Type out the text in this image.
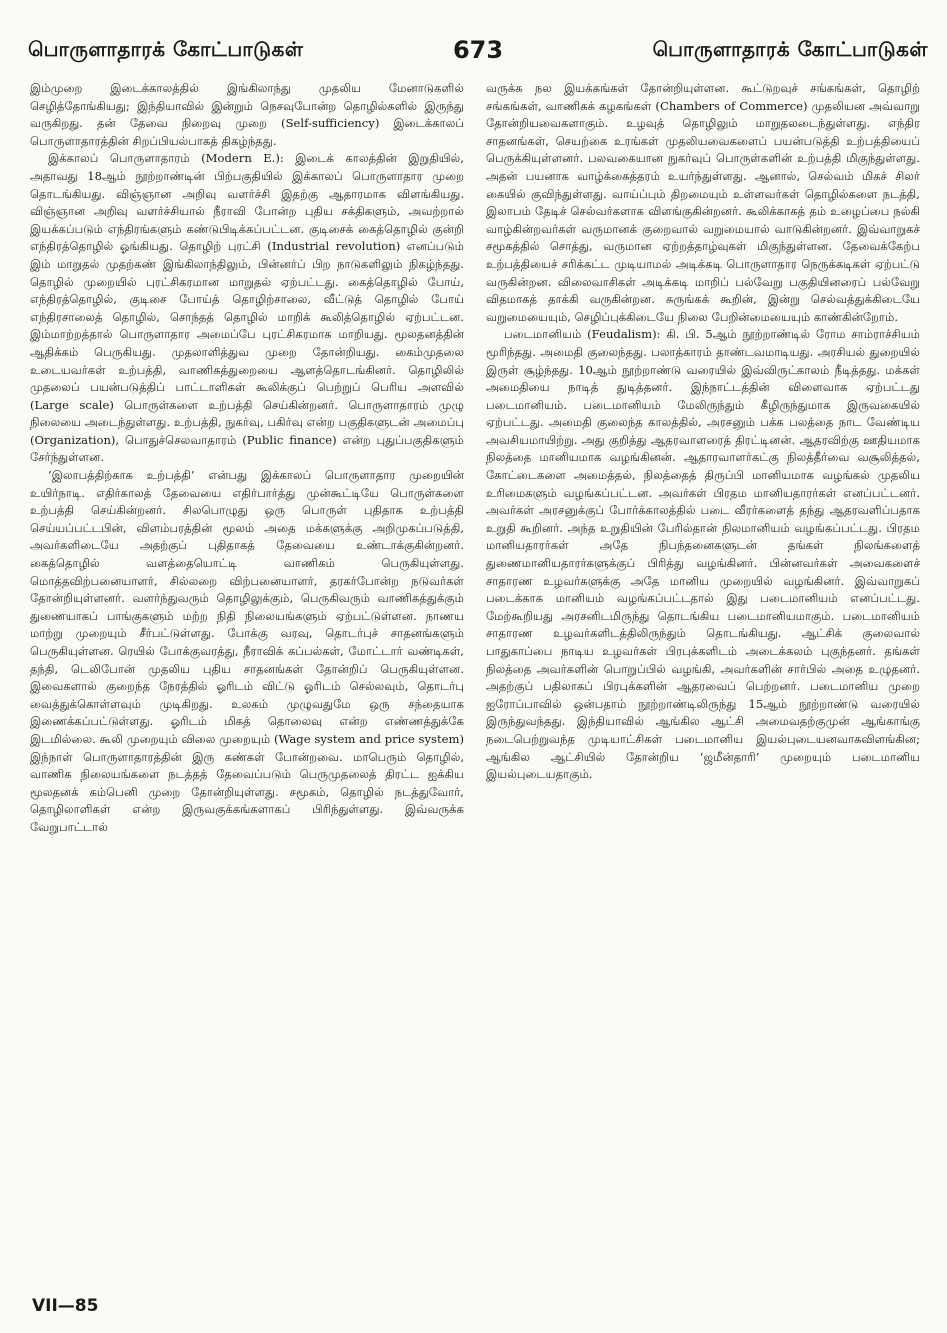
பொருளாதாரக் கோட்பாடுகள்	673	பொருளாதாரக் கோட்பாடுகள்

இம்முறை இடைக்காலத்தில் இங்கிலாந்து முதலிய மேனாடுகளில் செழித்தோங்கியது; இந்தியாவில் இன்றும் நெசவுபோன்ற தொழில்களில் இருந்து வருகிறது. தன் தேவை நிறைவு முறை (Self-sufficiency) இடைக்காலப் பொருளாதாரத்தின் சிறப்பியல்பாகத் திகழ்ந்தது.

இக்காலப் பொருளாதாரம் (Modern E.): இடைக் காலத்தின் இறுதியில், அதாவது 18ஆம் நூற்றாண்டின் பிற்பகுதியில் இக்காலப் பொருளாதார முறை தொடங்கியது. விஞ்ஞான அறிவு வளர்ச்சி இதற்கு ஆதாரமாக விளங்கியது. விஞ்ஞான அறிவு வளர்ச்சியால் நீராவி போன்ற புதிய சக்திகளும், அவற்றால் இயக்கப்படும் எந்திரங்களும் கண்டுபிடிக்கப்பட்டன. குடிசைக் கைத்தொழில் குன்றி எந்திரத்தொழில் ஓங்கியது. தொழிற் புரட்சி (Industrial revolution) எனப்படும் இம் மாறுதல் முதற்கண் இங்கிலாந்திலும், பின்னர்ப் பிற நாடுகளிலும் நிகழ்ந்தது. தொழில் முறையில் புரட்சிகரமான மாறுதல் ஏற்பட்டது. கைத்தொழில் போய், எந்திரத்தொழில், குடிசை போய்த் தொழிற்சாலை, வீட்டுத் தொழில் போய் எந்திரசாலைத் தொழில், சொந்தத் தொழில் மாறிக் கூலித்தொழில் ஏற்பட்டன. இம்மாற்றத்தால் பொருளாதார அமைப்பே புரட்சிகரமாக மாறியது. மூலதனத்தின் ஆதிக்கம் பெருகியது. முதலாளித்துவ முறை தோன்றியது. கைம்முதலை உடையவர்கள் உற்பத்தி, வாணிகத்துறையை ஆளத்தொடங்கினர். தொழிலில் முதலைப் பயன்படுத்திப் பாட்டாளிகள் கூலிக்குப் பெற்றுப் பெரிய அளவில் (Large scale) பொருள்களை உற்பத்தி செய்கின்றனர். பொருளாதாரம் முழு நிலையை அடைந்துள்ளது. உற்பத்தி, நுகர்வு, பகிர்வு என்ற பகுதிகளுடன் அமைப்பு (Organization), பொதுச்செலவாதாரம் (Public finance) என்ற புதுப்பகுதிகளும் சேர்ந்துள்ளன.

‘இலாபத்திற்காக உற்பத்தி’ என்பது இக்காலப் பொருளாதார முறையின் உயிர்நாடி. எதிர்காலத் தேவையை எதிர்பார்த்து முன்கூட்டியே பொருள்களை உற்பத்தி செய்கின்றனர். சிலபொழுது ஒரு பொருள் புதிதாக உற்பத்தி செய்யப்பட்டபின், விளம்பரத்தின் மூலம் அதை மக்களுக்கு அறிமுகப்படுத்தி, அவர்களிடையே அதற்குப் புதிதாகத் தேவையை உண்டாக்குகின்றனர். கைத்தொழில் வளத்தையொட்டி வாணிகம் பெருகியுள்ளது. மொத்தவிற்பனையாளர், சில்லறை விற்பனையாளர், தரகர்போன்ற நடுவர்கள் தோன்றியுள்ளனர். வளர்ந்துவரும் தொழிலுக்கும், பெருகிவரும் வாணிகத்துக்கும் துணையாகப் பாங்குகளும் மற்ற நிதி நிலையங்களும் ஏற்பட்டுள்ளன. நாணய மாற்று முறையும் சீர்பட்டுள்ளது. போக்கு வரவு, தொடர்புச் சாதனங்களும் பெருகியுள்ளன. ரெயில் போக்குவரத்து, நீராவிக் கப்பல்கள், மோட்டார் வண்டிகள், தந்தி, டெலிபோன் முதலிய புதிய சாதனங்கள் தோன்றிப் பெருகியுள்ளன. இவைகளால் குறைந்த நேரத்தில் ஓரிடம் விட்டு ஓரிடம் செல்லவும், தொடர்பு வைத்துக்கொள்ளவும் முடிகிறது. உலகம் முழுவதுமே ஒரு சந்தையாக இணைக்கப்பட்டுள்ளது. ஓரிடம் மிகத் தொலைவு என்ற எண்ணத்துக்கே இடமில்லை. கூலி முறையும் விலை முறையும் (Wage system and price system) இந்நாள் பொருளாதாரத்தின் இரு கண்கள் போன்றவை. மாபெரும் தொழில், வாணிக நிலையங்களை நடத்தத் தேவைப்படும் பெருமுதலைத் திரட்ட ஐக்கிய மூலதனக் கம்பெனி முறை தோன்றியுள்ளது. சமூகம், தொழில் நடத்துவோர், தொழிலாளிகள் என்ற இருவகுக்கங்களாகப் பிரிந்துள்ளது. இவ்வருக்க வேறுபாட்டால்

வருக்க நல இயக்கங்கள் தோன்றியுள்ளன. கூட்டுறவுச் சங்கங்கள், தொழிற் சங்கங்கள், வாணிகக் கழகங்கள் (Chambers of Commerce) முதலியன அவ்வாறு தோன்றியவைகளாகும். உழவுத் தொழிலும் மாறுதலடைந்துள்ளது. எந்திர சாதனங்கள், செயற்கை உரங்கள் முதலியவைகளைப் பயன்படுத்தி உற்பத்தியைப் பெருக்கியுள்ளனர். பலவகையான நுகர்வுப் பொருள்களின் உற்பத்தி மிகுந்துள்ளது. அதன் பயனாக வாழ்க்கைத்தரம் உயர்ந்துள்ளது. ஆனால், செல்வம் மிகச் சிலர் கையில் குவிந்துள்ளது. வாய்ப்பும் திறமையும் உள்ளவர்கள் தொழில்களை நடத்தி, இலாபம் தேடிச் செல்வர்களாக விளங்குகின்றனர். கூலிக்காகத் தம் உழைப்பை நல்கி வாழ்கின்றவர்கள் வருமானக் குறைவால் வறுமையால் வாடுகின்றனர். இவ்வாறுகச் சமூகத்தில் சொத்து, வருமான ஏற்றத்தாழ்வுகள் மிகுந்துள்ளன. தேவைக்கேற்ப உற்பத்தியைச் சரிக்கட்ட முடியாமல் அடிக்கடி பொருளாதார நெருக்கடிகள் ஏற்பட்டு வருகின்றன. விலைவாசிகள் அடிக்கடி மாறிப் பல்வேறு பகுதியினரைப் பல்வேறு விதமாகத் தாக்கி வருகின்றன. சுருங்கக் கூறின், இன்று செல்வத்துக்கிடையே வறுமையையும், செழிப்புக்கிடையே நிலை பேறின்மையையும் காண்கின்றோம்.

படைமானியம் (Feudalism): கி. பி. 5ஆம் நூற்றாண்டில் ரோம சாம்ராச்சியம் மூரிந்தது. அமைதி குலைந்தது. பலாத்காரம் தாண்டவமாடியது. அரசியல் துறையில் இருள் சூழ்ந்தது. 10ஆம் நூற்றாண்டு வரையில் இவ்விருட்காலம் நீடித்தது. மக்கள் அமைதியை நாடித் துடித்தனர். இந்நாட்டத்தின் விளைவாக ஏற்பட்டது படைமானியம். படைமானியம் மேலிருந்தும் கீழிருந்துமாக இருவகையில் ஏற்பட்டது. அமைதி குலைந்த காலத்தில், அரசனும் பக்க பலத்தை நாட வேண்டிய அவசியமாயிற்று. அது குறித்து ஆதரவாளரைத் திரட்டினன். ஆதரவிற்கு ஊதியமாக நிலத்தை மானியமாக வழங்கினன். ஆதாரவாளர்கட்கு நிலத்தீர்வை வசூலித்தல், கோட்டைகளை அமைத்தல், நிலத்தைத் திருப்பி மானியமாக வழங்கல் முதலிய உரிமைகளும் வழங்கப்பட்டன. அவர்கள் பிரதம மானியதாரர்கள் எனப்பட்டனர். அவர்கள் அரசனுக்குப் போர்க்காலத்தில் படை வீரர்களைத் தந்து ஆதரவளிப்பதாக உறுதி கூறினர். அந்த உறுதியின் பேரில்தான் நிலமானியம் வழங்கப்பட்டது. பிரதம மானியதாரர்கள் அதே நிபந்தனைகளுடன் தங்கள் நிலங்களைத் துணைமானியதாரர்களுக்குப் பிரித்து வழங்கினர். பின்னவர்கள் அவைகளைச் சாதாரண உழவர்களுக்கு அதே மானிய முறையில் வழங்கினர். இவ்வாறுகப் படைக்காக மானியம் வழங்கப்பட்டதால் இது படைமானியம் எனப்பட்டது. மேற்கூறியது அரசனிடமிருந்து தொடங்கிய படைமானியமாகும். படைமானியம் சாதாரண உழவர்களிடத்திலிருந்தும் தொடங்கியது. ஆட்சிக் குலைவால் பாதுகாப்பை நாடிய உழவர்கள் பிரபுக்களிடம் அடைக்கலம் புகுந்தனர். தங்கள் நிலத்தை அவர்களின் பொறுப்பில் வழங்கி, அவர்களின் சார்பில் அதை உழுதனர். அதற்குப் பதிலாகப் பிரபுக்களின் ஆதரவைப் பெற்றனர். படைமானிய முறை ஐரோப்பாவில் ஒன்பதாம் நூற்றாண்டிலிருந்து 15ஆம் நூற்றாண்டு வரையில் இருந்துவந்தது. இந்தியாவில் ஆங்கில ஆட்சி அமைவதற்குமுன் ஆங்காங்கு நடைபெற்றுவந்த முடியாட்சிகள் படைமானிய இயல்புடையனவாகவிளங்கின; ஆங்கில ஆட்சியில் தோன்றிய ‘ஜமீன்தாரி’ முறையும் படைமானிய இயல்புடையதாகும்.

VII—85
